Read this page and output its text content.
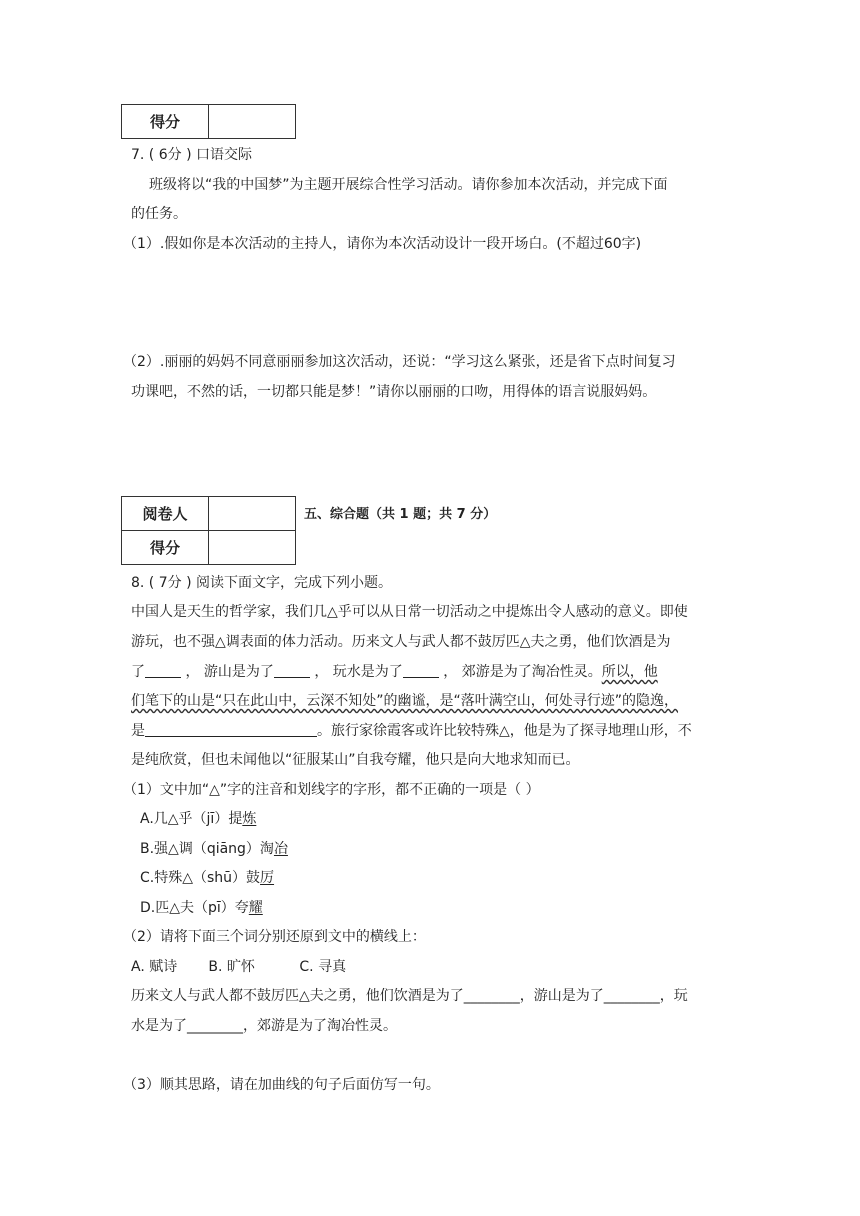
得分	
7. ( 6分 ) 口语交际
班级将以“我的中国梦”为主题开展综合性学习活动。请你参加本次活动，并完成下面
的任务。
（1）.假如你是本次活动的主持人，请你为本次活动设计一段开场白。(不超过60字)
（2）.丽丽的妈妈不同意丽丽参加这次活动，还说：“学习这么紧张，还是省下点时间复习
功课吧，不然的话，一切都只能是梦！”请你以丽丽的口吻，用得体的语言说服妈妈。
阅卷人	
得分	
五、综合题（共 1 题；共 7 分）
8. ( 7分 ) 阅读下面文字，完成下列小题。
中国人是天生的哲学家，我们几△乎可以从日常一切活动之中提炼出令人感动的意义。即使
游玩，也不强△调表面的体力活动。历来文人与武人都不鼓厉匹△夫之勇，他们饮酒是为
了	， 游山是为了	， 玩水是为了	， 郊游是为了淘冶性灵。所以，他
们笔下的山是“只在此山中，云深不知处”的幽谧，是“落叶满空山，何处寻行迹”的隐逸，
是	。旅行家徐霞客或许比较特殊△，他是为了探寻地理山形，不
是纯欣赏，但也未闻他以“征服某山”自我夸耀，他只是向大地求知而已。
（1）文中加“△”字的注音和划线字的字形，都不正确的一项是（ ）
A.几△乎（jī）提炼
B.强△调（qiāng）淘冶
C.特殊△（shū）鼓厉
D.匹△夫（pī）夸耀
（2）请将下面三个词分别还原到文中的横线上：
A. 赋诗       B. 旷怀          C. 寻真
历来文人与武人都不鼓厉匹△夫之勇，他们饮酒是为了________，游山是为了________，玩
水是为了________，郊游是为了淘冶性灵。
（3）顺其思路，请在加曲线的句子后面仿写一句。
